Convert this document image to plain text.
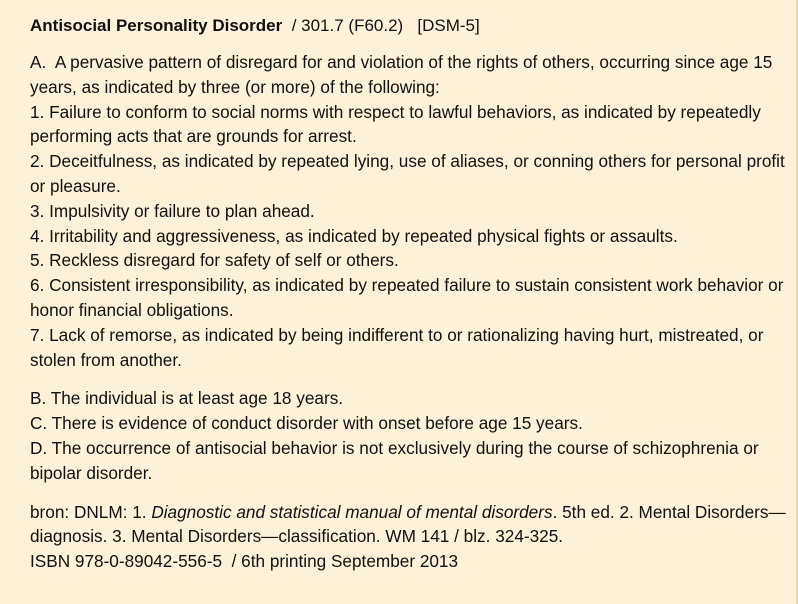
Antisocial Personality Disorder  / 301.7 (F60.2)   [DSM-5]

A.  A pervasive pattern of disregard for and violation of the rights of others, occurring since age 15 years, as indicated by three (or more) of the following:

1. Failure to conform to social norms with respect to lawful behaviors, as indicated by repeatedly performing acts that are grounds for arrest.
2. Deceitfulness, as indicated by repeated lying, use of aliases, or conning others for personal profit or pleasure.
3. Impulsivity or failure to plan ahead.
4. Irritability and aggressiveness, as indicated by repeated physical fights or assaults.
5. Reckless disregard for safety of self or others.
6. Consistent irresponsibility, as indicated by repeated failure to sustain consistent work behavior or honor financial obligations.
7. Lack of remorse, as indicated by being indifferent to or rationalizing having hurt, mistreated, or stolen from another.
B. The individual is at least age 18 years.
C. There is evidence of conduct disorder with onset before age 15 years.
D. The occurrence of antisocial behavior is not exclusively during the course of schizophrenia or bipolar disorder.

bron: DNLM: 1. Diagnostic and statistical manual of mental disorders. 5th ed. 2. Mental Disorders—diagnosis. 3. Mental Disorders—classification. WM 141 / blz. 324-325.

ISBN 978-0-89042-556-5  / 6th printing September 2013
